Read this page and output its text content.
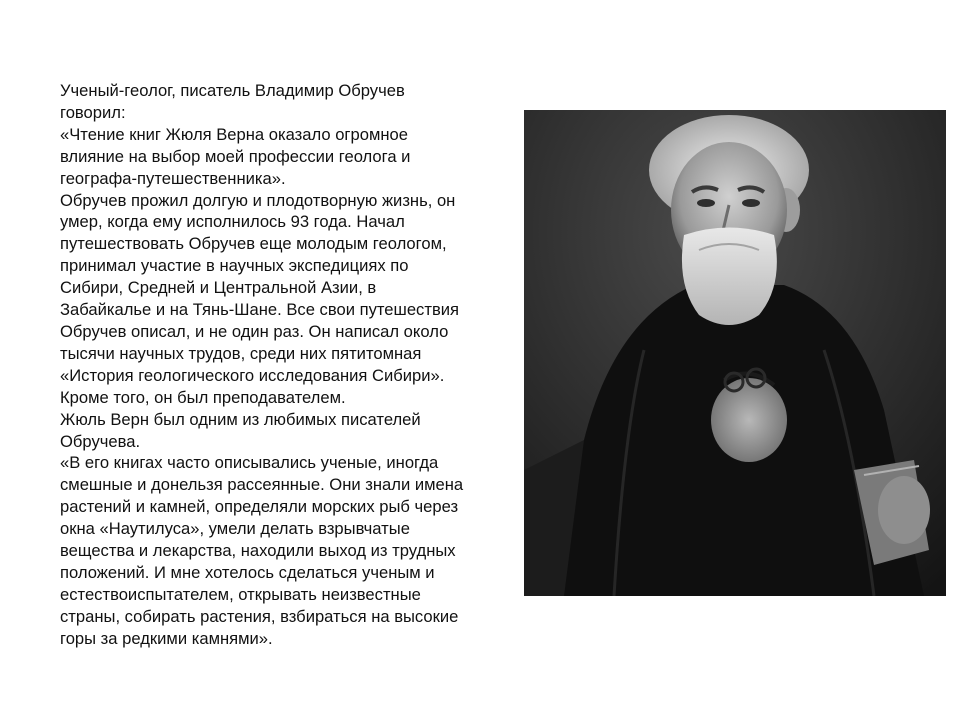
Ученый-геолог, писатель Владимир Обручев
говорил:
«Чтение книг Жюля Верна оказало огромное
влияние на выбор моей профессии геолога и
географа-путешественника».
Обручев прожил долгую и плодотворную жизнь, он
умер, когда ему исполнилось 93 года. Начал
путешествовать Обручев еще молодым геологом,
принимал участие в научных экспедициях по
Сибири, Средней и Центральной Азии, в
Забайкалье и на Тянь-Шане. Все свои путешествия
Обручев описал, и не один раз. Он написал около
тысячи научных трудов, среди них пятитомная
«История геологического исследования Сибири».
Кроме того, он был преподавателем.
Жюль Верн был одним из любимых писателей
Обручева.
«В его книгах часто описывались ученые, иногда
смешные и донельзя рассеянные. Они знали имена
растений и камней, определяли морских рыб через
окна «Наутилуса», умели делать взрывчатые
вещества и лекарства, находили выход из трудных
положений. И мне хотелось сделаться ученым и
естествоиспытателем, открывать неизвестные
страны, собирать растения, взбираться на высокие
горы за редкими камнями».
